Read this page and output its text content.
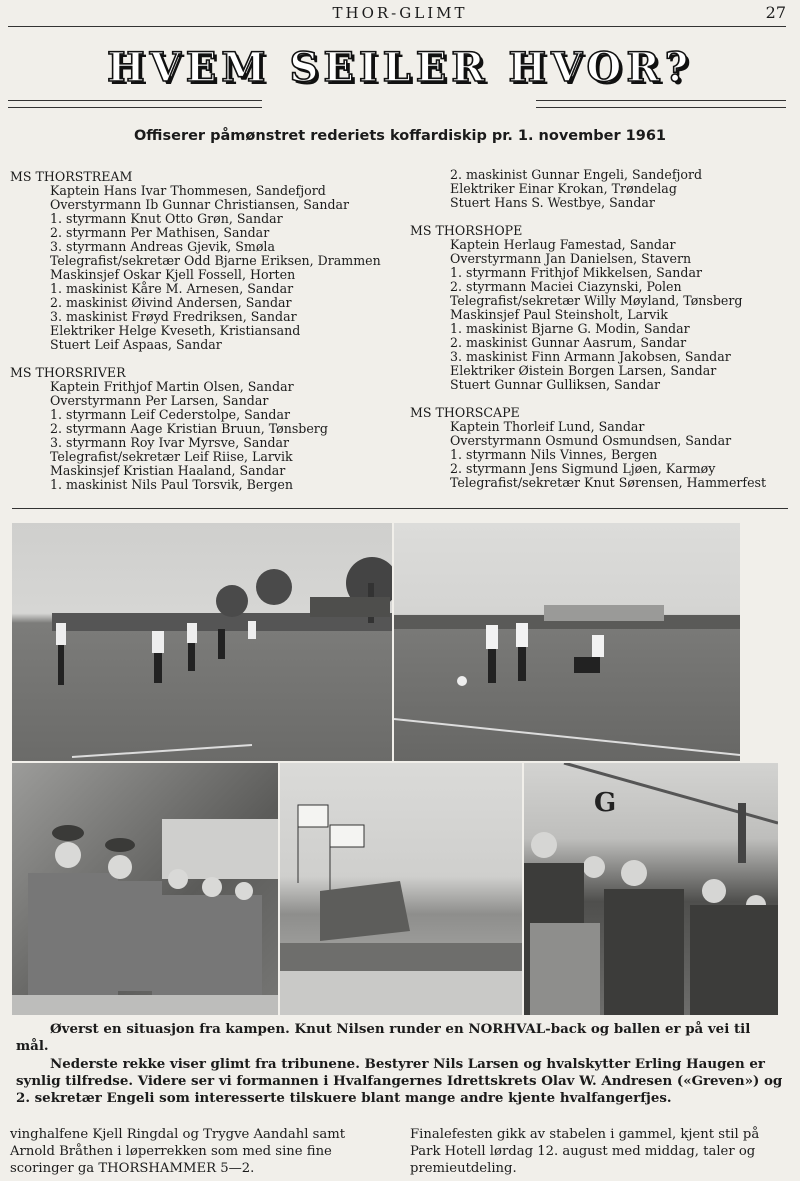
THOR-GLIMT	27
HVEM SEILER HVOR?
Offiserer påmønstret rederiets koffardiskip pr. 1. november 1961
MS THORSTREAM
Kaptein Hans Ivar Thommesen, Sandefjord
Overstyrmann Ib Gunnar Christiansen, Sandar
1. styrmann Knut Otto Grøn, Sandar
2. styrmann Per Mathisen, Sandar
3. styrmann Andreas Gjevik, Smøla
Telegrafist/sekretær Odd Bjarne Eriksen, Drammen
Maskinsjef Oskar Kjell Fossell, Horten
1. maskinist Kåre M. Arnesen, Sandar
2. maskinist Øivind Andersen, Sandar
3. maskinist Frøyd Fredriksen, Sandar
Elektriker Helge Kveseth, Kristiansand
Stuert Leif Aspaas, Sandar
MS THORSRIVER
Kaptein Frithjof Martin Olsen, Sandar
Overstyrmann Per Larsen, Sandar
1. styrmann Leif Cederstolpe, Sandar
2. styrmann Aage Kristian Bruun, Tønsberg
3. styrmann Roy Ivar Myrsve, Sandar
Telegrafist/sekretær Leif Riise, Larvik
Maskinsjef Kristian Haaland, Sandar
1. maskinist Nils Paul Torsvik, Bergen
2. maskinist Gunnar Engeli, Sandefjord
Elektriker Einar Krokan, Trøndelag
Stuert Hans S. Westbye, Sandar
MS THORSHOPE
Kaptein Herlaug Famestad, Sandar
Overstyrmann Jan Danielsen, Stavern
1. styrmann Frithjof Mikkelsen, Sandar
2. styrmann Maciei Ciazynski, Polen
Telegrafist/sekretær Willy Møyland, Tønsberg
Maskinsjef Paul Steinsholt, Larvik
1. maskinist Bjarne G. Modin, Sandar
2. maskinist Gunnar Aasrum, Sandar
3. maskinist Finn Armann Jakobsen, Sandar
Elektriker Øistein Borgen Larsen, Sandar
Stuert Gunnar Gulliksen, Sandar
MS THORSCAPE
Kaptein Thorleif Lund, Sandar
Overstyrmann Osmund Osmundsen, Sandar
1. styrmann Nils Vinnes, Bergen
2. styrmann Jens Sigmund Ljøen, Karmøy
Telegrafist/sekretær Knut Sørensen, Hammerfest
G
Øverst en situasjon fra kampen. Knut Nilsen runder en NORHVAL-back og ballen er på vei til mål.
Nederste rekke viser glimt fra tribunene. Bestyrer Nils Larsen og hvalskytter Erling Haugen er synlig tilfredse. Videre ser vi formannen i Hvalfangernes Idrettskrets Olav W. Andresen («Greven») og 2. sekretær Engeli som interesserte tilskuere blant mange andre kjente hvalfangerfjes.
vinghalfene Kjell Ringdal og Trygve Aandahl samt Arnold Bråthen i løperrekken som med sine fine scoringer ga THORSHAMMER 5—2.
Finalefesten gikk av stabelen i gammel, kjent stil på Park Hotell lørdag 12. august med middag, taler og premieutdeling.
